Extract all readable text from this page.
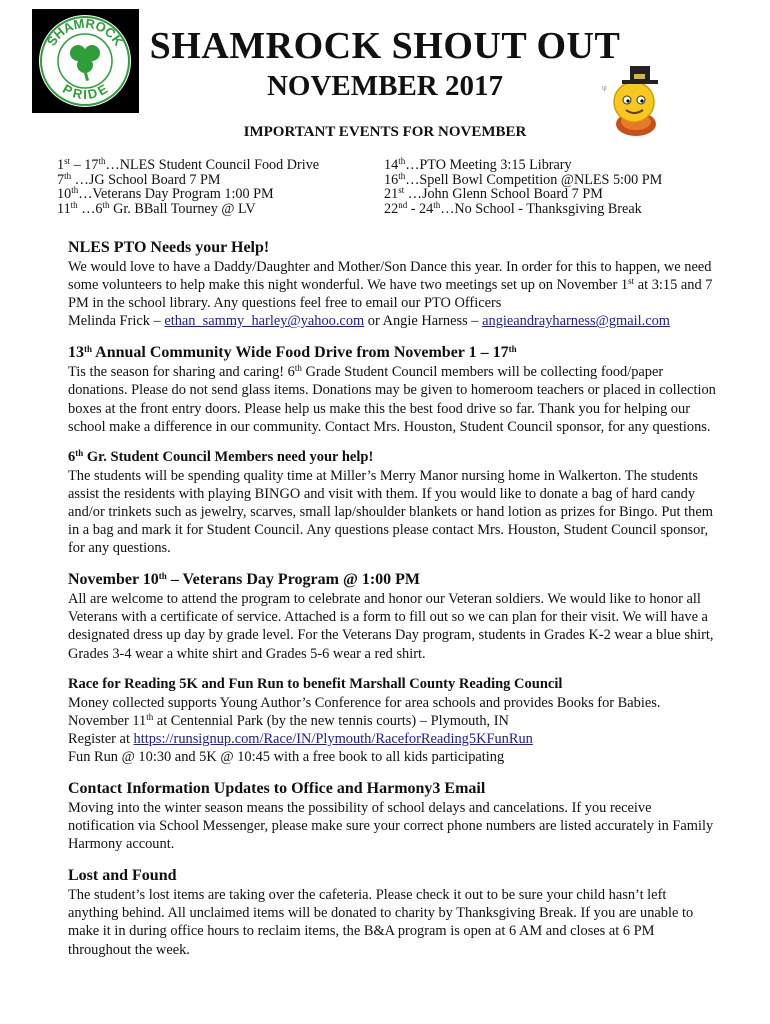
SHAMROCK
PRIDE
SHAMROCK SHOUT OUT
NOVEMBER 2017	ψ
IMPORTANT EVENTS FOR NOVEMBER
1st – 17th…NLES Student Council Food Drive
7th …JG School Board 7 PM
10th…Veterans Day Program 1:00 PM
11th …6th Gr. BBall Tourney @ LV
14th…PTO Meeting 3:15 Library
16th…Spell Bowl Competition @NLES 5:00 PM
21st …John Glenn School Board 7 PM
22nd - 24th…No School - Thanksgiving Break

NLES PTO Needs your Help!

We would love to have a Daddy/Daughter and Mother/Son Dance this year. In order for this to happen, we need some volunteers to help make this night wonderful. We have two meetings set up on November 1st at 3:15 and 7 PM in the school library. Any questions feel free to email our PTO Officers
Melinda Frick – ethan_sammy_harley@yahoo.com or Angie Harness – angieandrayharness@gmail.com

13th Annual Community Wide Food Drive from November 1 – 17th

Tis the season for sharing and caring! 6th Grade Student Council members will be collecting food/paper donations. Please do not send glass items. Donations may be given to homeroom teachers or placed in collection boxes at the front entry doors. Please help us make this the best food drive so far. Thank you for helping our school make a difference in our community. Contact Mrs. Houston, Student Council sponsor, for any questions.

6th Gr. Student Council Members need your help!

The students will be spending quality time at Miller’s Merry Manor nursing home in Walkerton. The students assist the residents with playing BINGO and visit with them. If you would like to donate a bag of hard candy and/or trinkets such as jewelry, scarves, small lap/shoulder blankets or hand lotion as prizes for Bingo. Put them in a bag and mark it for Student Council. Any questions please contact Mrs. Houston, Student Council sponsor, for any questions.

November 10th – Veterans Day Program @ 1:00 PM

All are welcome to attend the program to celebrate and honor our Veteran soldiers. We would like to honor all Veterans with a certificate of service. Attached is a form to fill out so we can plan for their visit. We will have a designated dress up day by grade level. For the Veterans Day program, students in Grades K-2 wear a blue shirt, Grades 3-4 wear a white shirt and Grades 5-6 wear a red shirt.

Race for Reading 5K and Fun Run to benefit Marshall County Reading Council

Money collected supports Young Author’s Conference for area schools and provides Books for Babies.
November 11th at Centennial Park (by the new tennis courts) – Plymouth, IN
Register at https://runsignup.com/Race/IN/Plymouth/RaceforReading5KFunRun
Fun Run @ 10:30 and 5K @ 10:45 with a free book to all kids participating

Contact Information Updates to Office and Harmony3 Email

Moving into the winter season means the possibility of school delays and cancelations. If you receive notification via School Messenger, please make sure your correct phone numbers are listed accurately in Family Harmony account.

Lost and Found

The student’s lost items are taking over the cafeteria. Please check it out to be sure your child hasn’t left anything behind. All unclaimed items will be donated to charity by Thanksgiving Break. If you are unable to make it in during office hours to reclaim items, the B&A program is open at 6 AM and closes at 6 PM throughout the week.
